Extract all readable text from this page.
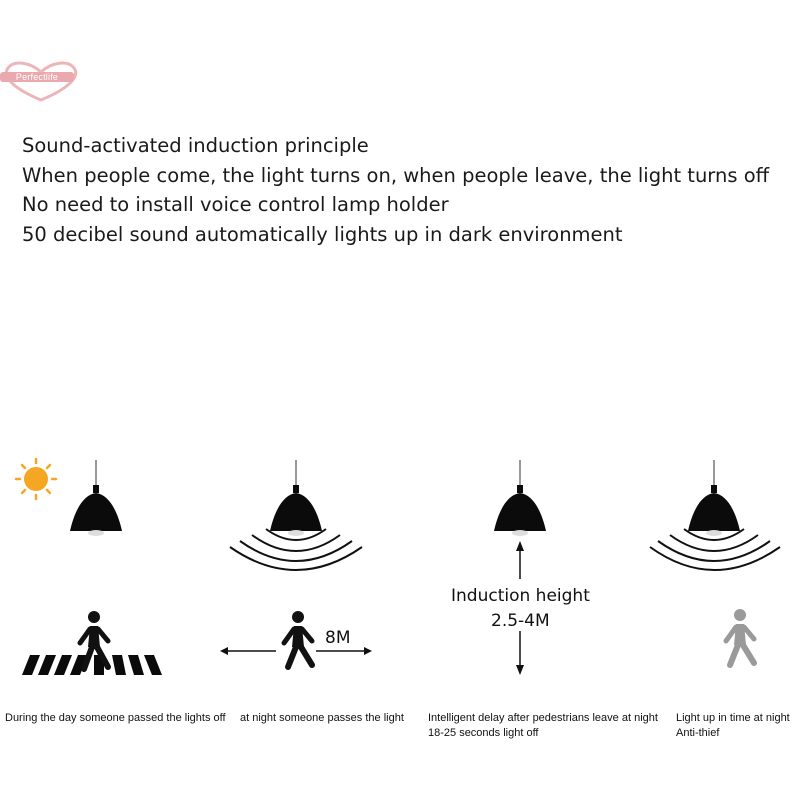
Perfectlife
Sound-activated induction principle
When people come, the light turns on, when people leave, the light turns off
No need to install voice control lamp holder
50 decibel sound automatically lights up in dark environment
During the day someone passed the lights off
8M
at night someone passes the light
Induction height
2.5-4M
Intelligent delay after pedestrians leave at night
18-25 seconds light off
Light up in time at night
Anti-thief
